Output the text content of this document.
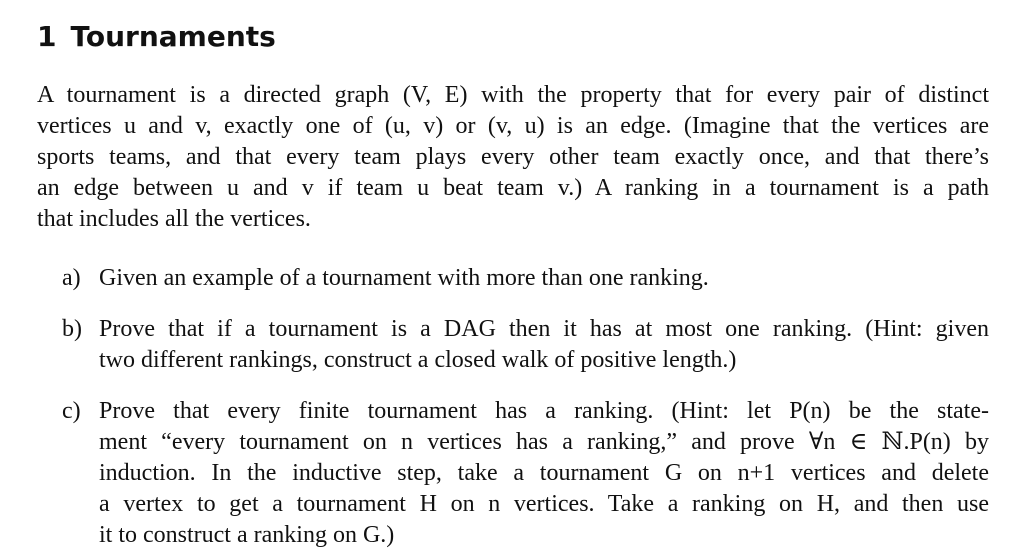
1 Tournaments

A tournament is a directed graph (V, E) with the property that for every pair of distinct
vertices u and v, exactly one of (u, v) or (v, u) is an edge. (Imagine that the vertices are
sports teams, and that every team plays every other team exactly once, and that there’s
an edge between u and v if team u beat team v.) A ranking in a tournament is a path
that includes all the vertices.

a) Given an example of a tournament with more than one ranking.
b) Prove that if a tournament is a DAG then it has at most one ranking. (Hint: given
two different rankings, construct a closed walk of positive length.)
c) Prove that every finite tournament has a ranking. (Hint: let P(n) be the state-
ment “every tournament on n vertices has a ranking,” and prove ∀n ∈ ℕ.P(n) by
induction. In the inductive step, take a tournament G on n+1 vertices and delete
a vertex to get a tournament H on n vertices. Take a ranking on H, and then use
it to construct a ranking on G.)
